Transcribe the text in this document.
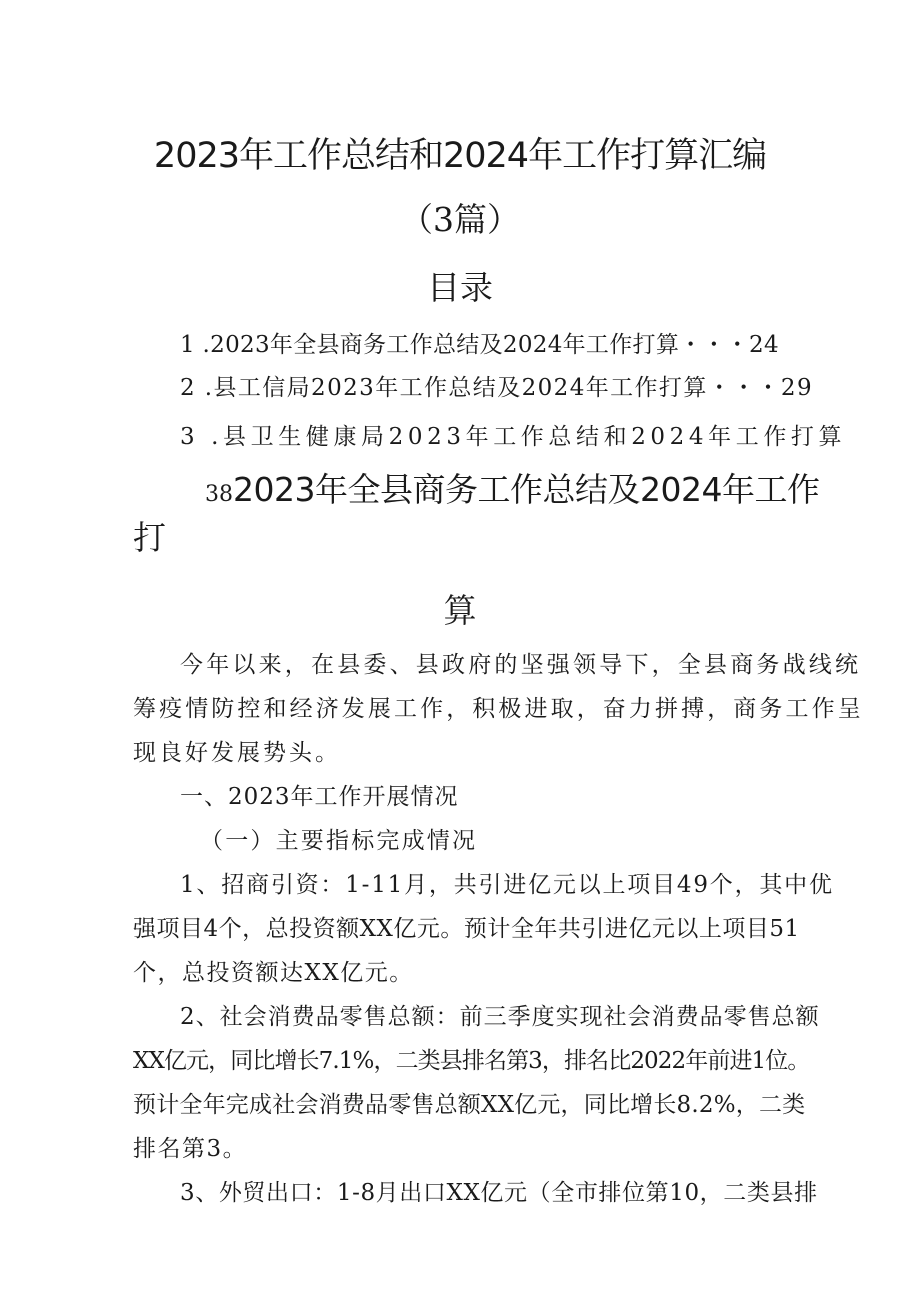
2023年工作总结和2024年工作打算汇编
（3篇）
目录
1 .2023年全县商务工作总结及2024年工作打算・・・24
2 .县工信局2023年工作总结及2024年工作打算・・・29
3 .县卫生健康局2023年工作总结和2024年工作打算
382023年全县商务工作总结及2024年工作
打
算
今年以来，在县委、县政府的坚强领导下，全县商务战线统
筹疫情防控和经济发展工作，积极进取，奋力拼搏，商务工作呈
现良好发展势头。
一、2023年工作开展情况
（一）主要指标完成情况
1、招商引资：1-11月，共引进亿元以上项目49个，其中优
强项目4个，总投资额XX亿元。预计全年共引进亿元以上项目51
个，总投资额达XX亿元。
2、社会消费品零售总额：前三季度实现社会消费品零售总额
XX亿元，同比增长7.1%，二类县排名第3，排名比2022年前进1位。
预计全年完成社会消费品零售总额XX亿元，同比增长8.2%，二类
排名第3。
3、外贸出口：1-8月出口XX亿元（全市排位第10，二类县排
